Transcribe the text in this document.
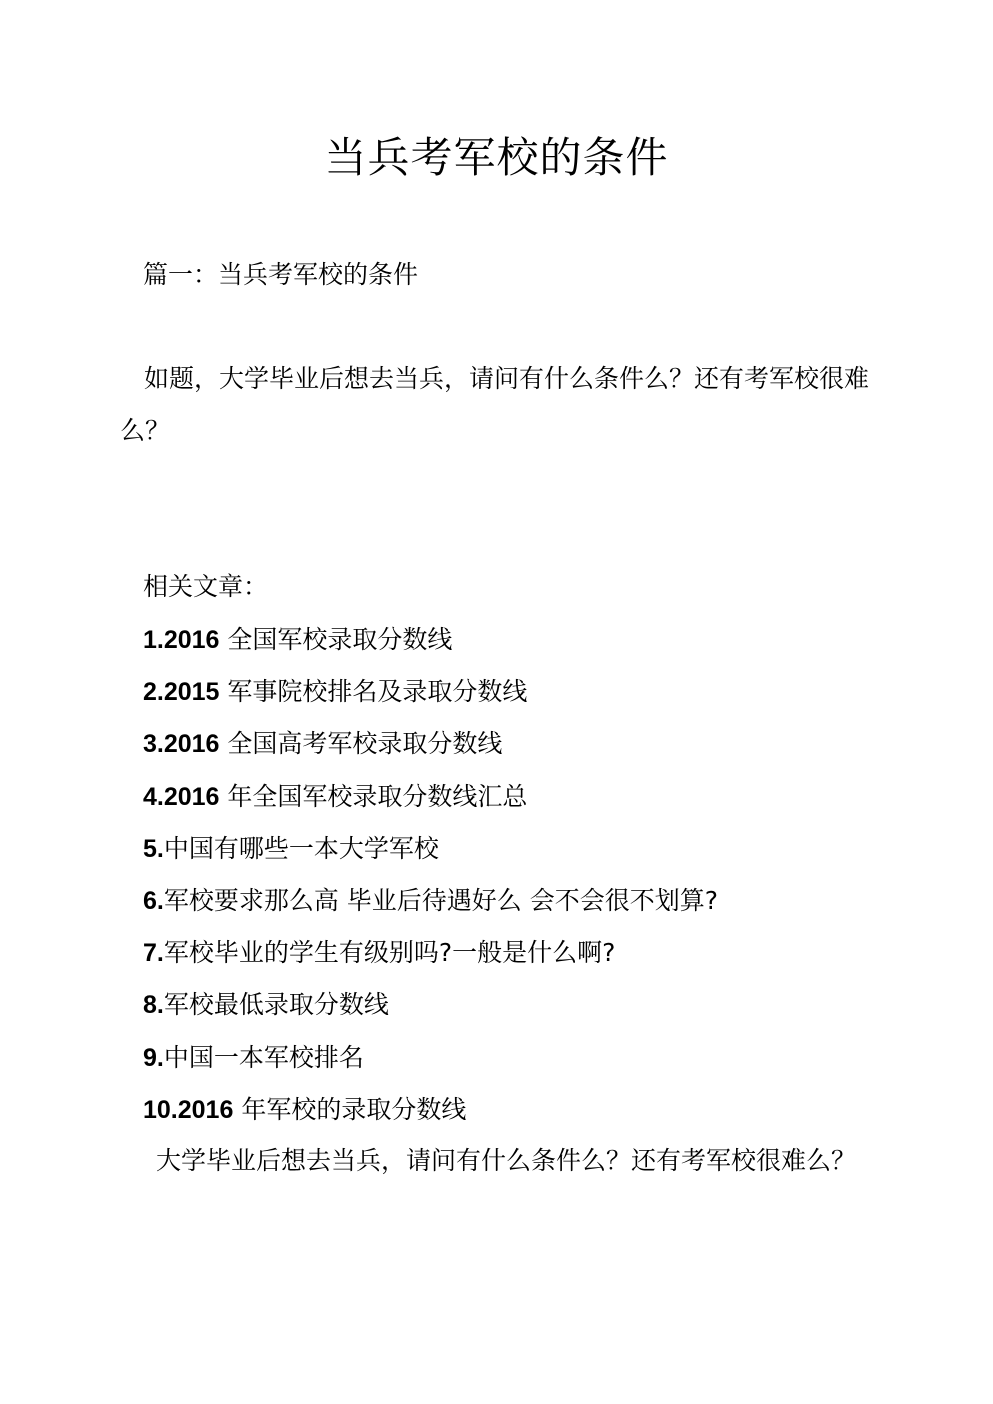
当兵考军校的条件
篇一：当兵考军校的条件
如题，大学毕业后想去当兵，请问有什么条件么？还有考军校很难么？
相关文章：
1.2016 全国军校录取分数线
2.2015 军事院校排名及录取分数线
3.2016 全国高考军校录取分数线
4.2016 年全国军校录取分数线汇总
5.中国有哪些一本大学军校
6.军校要求那么高 毕业后待遇好么 会不会很不划算?
7.军校毕业的学生有级别吗?一般是什么啊?
8.军校最低录取分数线
9.中国一本军校排名
10.2016 年军校的录取分数线
大学毕业后想去当兵，请问有什么条件么？还有考军校很难么？
